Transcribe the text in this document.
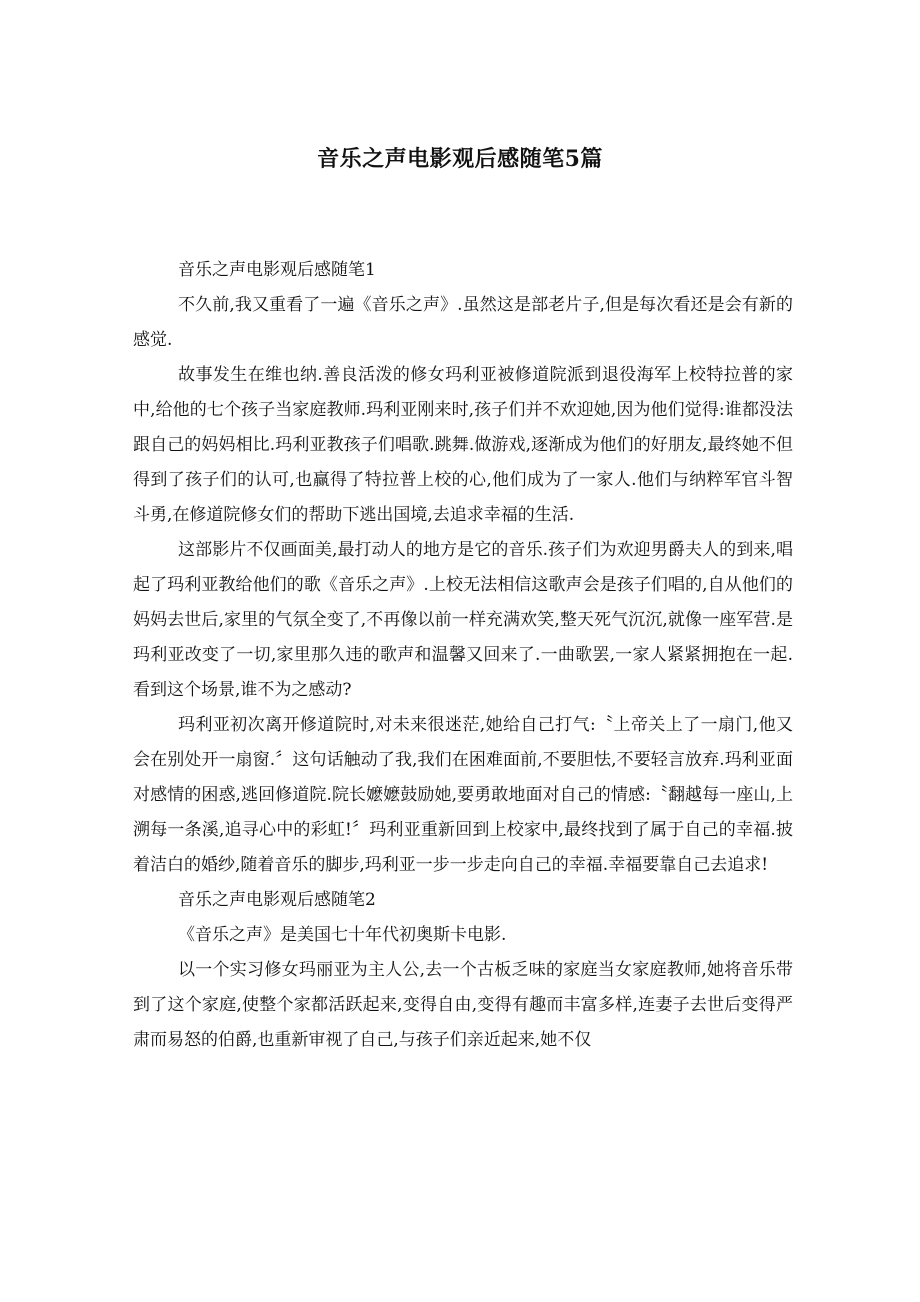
音乐之声电影观后感随笔5篇

音乐之声电影观后感随笔1

不久前,我又重看了一遍《音乐之声》.虽然这是部老片子,但是每次看还是会有新的感觉.

故事发生在维也纳.善良活泼的修女玛利亚被修道院派到退役海军上校特拉普的家中,给他的七个孩子当家庭教师.玛利亚刚来时,孩子们并不欢迎她,因为他们觉得:谁都没法跟自己的妈妈相比.玛利亚教孩子们唱歌.跳舞.做游戏,逐渐成为他们的好朋友,最终她不但得到了孩子们的认可,也赢得了特拉普上校的心,他们成为了一家人.他们与纳粹军官斗智斗勇,在修道院修女们的帮助下逃出国境,去追求幸福的生活.

这部影片不仅画面美,最打动人的地方是它的音乐.孩子们为欢迎男爵夫人的到来,唱起了玛利亚教给他们的歌《音乐之声》.上校无法相信这歌声会是孩子们唱的,自从他们的妈妈去世后,家里的气氛全变了,不再像以前一样充满欢笑,整天死气沉沉,就像一座军营.是玛利亚改变了一切,家里那久违的歌声和温馨又回来了.一曲歌罢,一家人紧紧拥抱在一起.看到这个场景,谁不为之感动?

玛利亚初次离开修道院时,对未来很迷茫,她给自己打气:〝上帝关上了一扇门,他又会在别处开一扇窗.〞这句话触动了我,我们在困难面前,不要胆怯,不要轻言放弃.玛利亚面对感情的困惑,逃回修道院.院长嬷嬷鼓励她,要勇敢地面对自己的情感:〝翻越每一座山,上溯每一条溪,追寻心中的彩虹!〞玛利亚重新回到上校家中,最终找到了属于自己的幸福.披着洁白的婚纱,随着音乐的脚步,玛利亚一步一步走向自己的幸福.幸福要靠自己去追求!

音乐之声电影观后感随笔2

《音乐之声》是美国七十年代初奥斯卡电影.

以一个实习修女玛丽亚为主人公,去一个古板乏味的家庭当女家庭教师,她将音乐带到了这个家庭,使整个家都活跃起来,变得自由,变得有趣而丰富多样,连妻子去世后变得严肃而易怒的伯爵,也重新审视了自己,与孩子们亲近起来,她不仅
